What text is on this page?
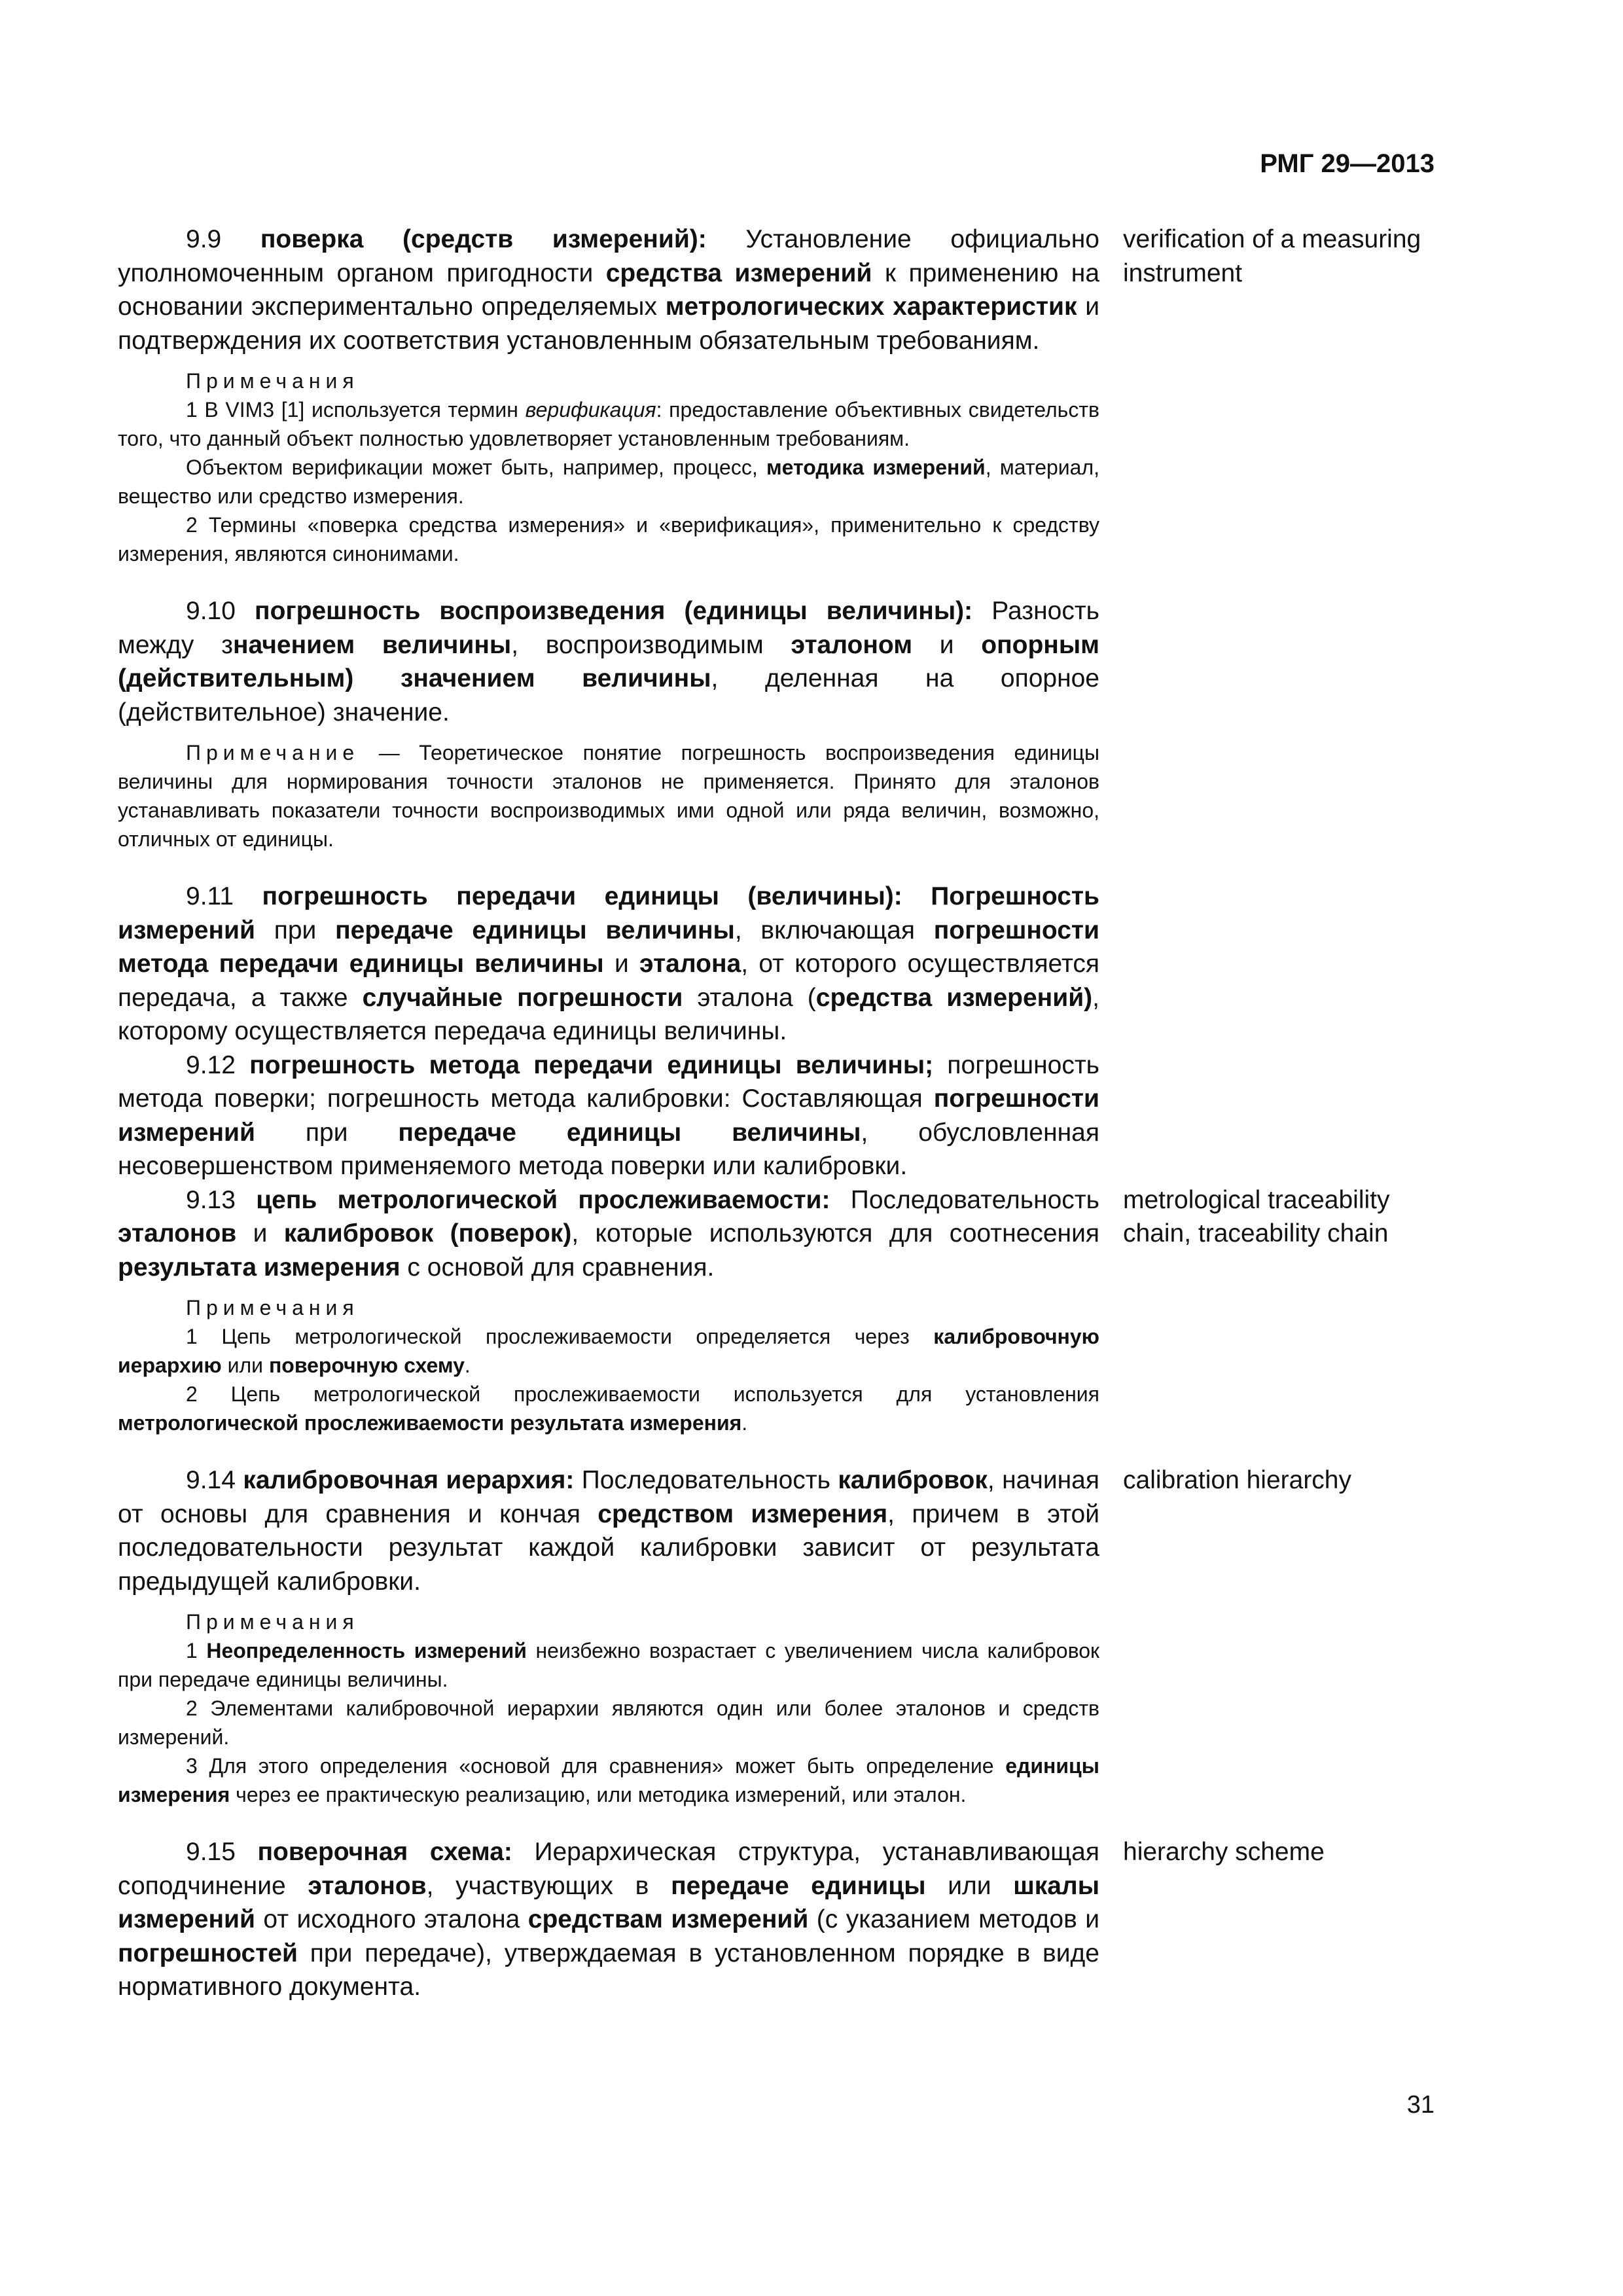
РМГ 29—2013

9.9 поверка (средств измерений): Установление официально уполномоченным органом пригодности средства измерений к применению на основании экспериментально определяемых метрологических характеристик и подтверждения их соответствия установленным обязательным требованиям.

Примечания

1 В VIM3 [1] используется термин верификация: предоставление объективных свидетельств того, что данный объект полностью удовлетворяет установленным требованиям.

Объектом верификации может быть, например, процесс, методика измерений, материал, вещество или средство измерения.

2 Термины «поверка средства измерения» и «верификация», применительно к средству измерения, являются синонимами.

verification of a measuring instrument

9.10 погрешность воспроизведения (единицы величины): Разность между значением величины, воспроизводимым эталоном и опорным (действительным) значением величины, деленная на опорное (действительное) значение.

Примечание — Теоретическое понятие погрешность воспроизведения единицы величины для нормирования точности эталонов не применяется. Принято для эталонов устанавливать показатели точности воспроизводимых ими одной или ряда величин, возможно, отличных от единицы.

9.11 погрешность передачи единицы (величины): Погрешность измерений при передаче единицы величины, включающая погрешности метода передачи единицы величины и эталона, от которого осуществляется передача, а также случайные погрешности эталона (средства измерений), которому осуществляется передача единицы величины.

9.12 погрешность метода передачи единицы величины; погрешность метода поверки; погрешность метода калибровки: Составляющая погрешности измерений при передаче единицы величины, обусловленная несовершенством применяемого метода поверки или калибровки.

9.13 цепь метрологической прослеживаемости: Последовательность эталонов и калибровок (поверок), которые используются для соотнесения результата измерения с основой для сравнения.

Примечания

1 Цепь метрологической прослеживаемости определяется через калибровочную иерархию или поверочную схему.

2 Цепь метрологической прослеживаемости используется для установления метрологической прослеживаемости результата измерения.

metrological traceability chain, traceability chain

9.14 калибровочная иерархия: Последовательность калибровок, начиная от основы для сравнения и кончая средством измерения, причем в этой последовательности результат каждой калибровки зависит от результата предыдущей калибровки.

Примечания

1 Неопределенность измерений неизбежно возрастает с увеличением числа калибровок при передаче единицы величины.

2 Элементами калибровочной иерархии являются один или более эталонов и средств измерений.

3 Для этого определения «основой для сравнения» может быть определение единицы измерения через ее практическую реализацию, или методика измерений, или эталон.

calibration hierarchy

9.15 поверочная схема: Иерархическая структура, устанавливающая соподчинение эталонов, участвующих в передаче единицы или шкалы измерений от исходного эталона средствам измерений (с указанием методов и погрешностей при передаче), утверждаемая в установленном порядке в виде нормативного документа.

hierarchy scheme
31
